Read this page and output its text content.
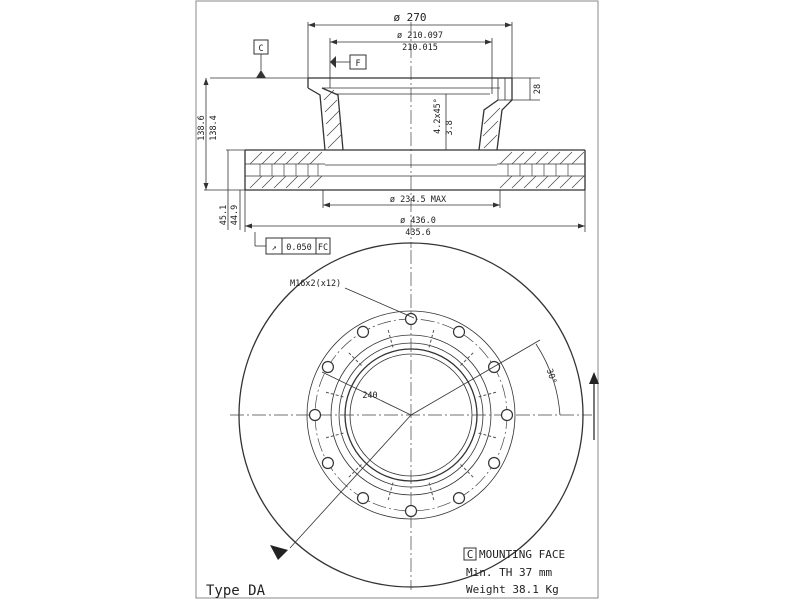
ø 270
ø 210.097
210.015
C
F
138.6 138.4	4.2x45° 3.8
28
ø 234.5 MAX
ø 436.0
435.6
45.1 44.9
↗ 0.050 FC
M16x2(x12)
240
30°
C MOUNTING FACE
Min. TH 37 mm
Weight 38.1 Kg
Type DA
